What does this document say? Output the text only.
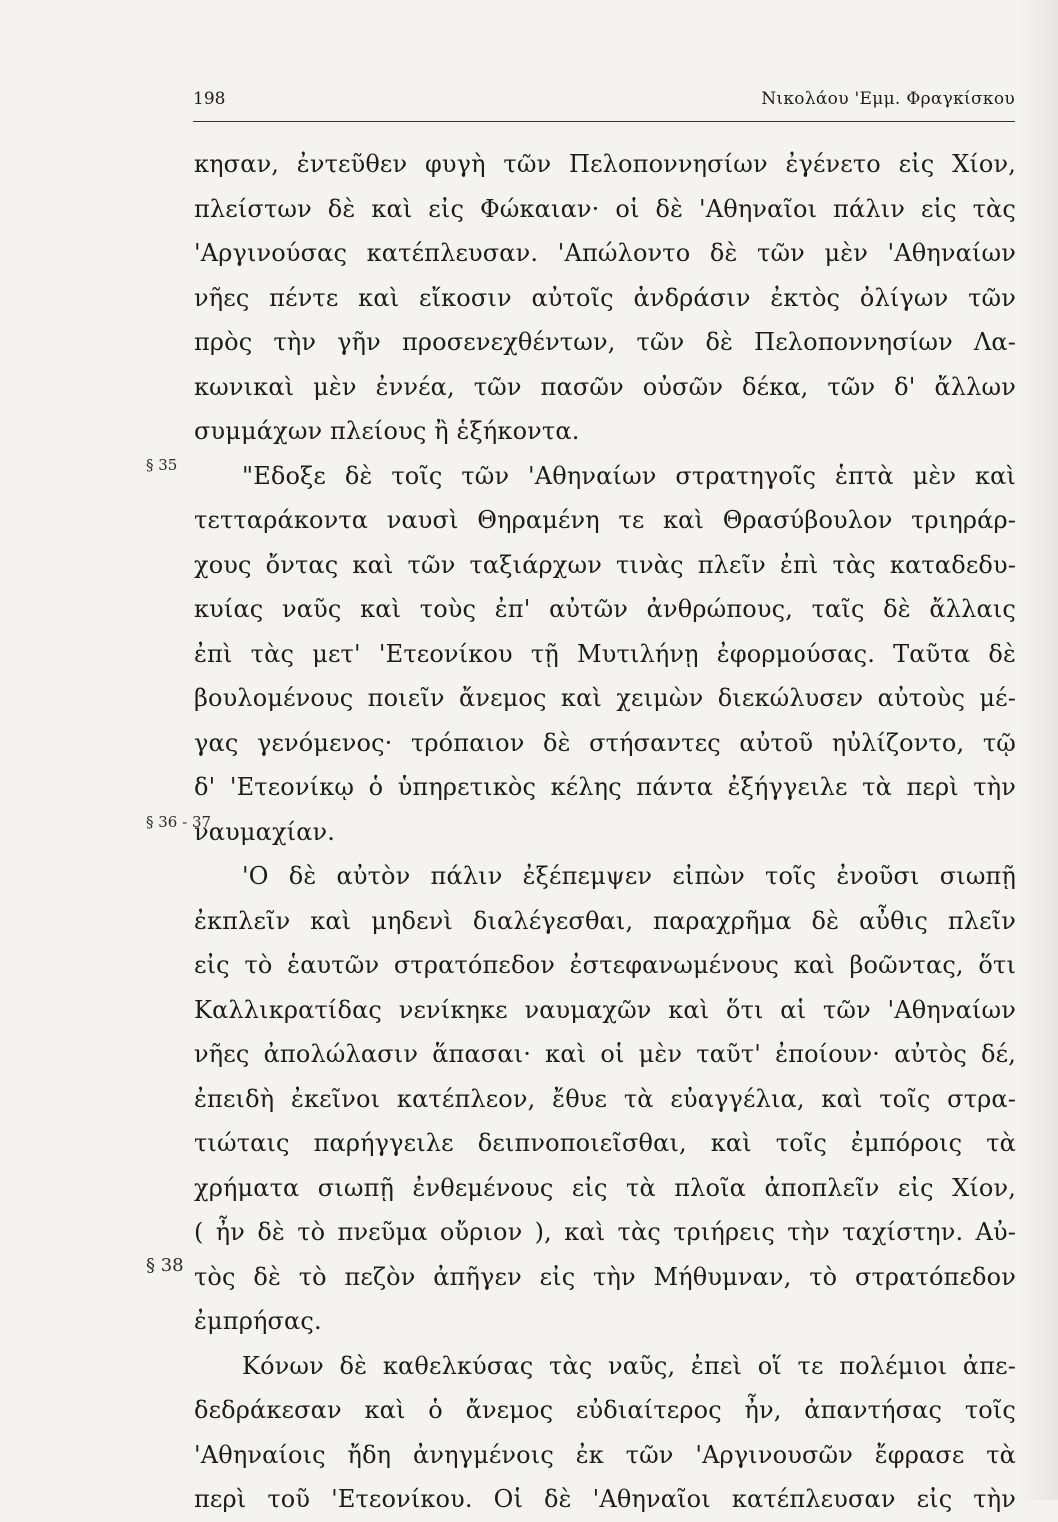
198	Νικολάου 'Εμμ. Φραγκίσκου
§ 35
§ 36 - 37
§ 38
κησαν, ἐντεῦθεν φυγὴ τῶν Πελοποννησίων ἐγένετο εἰς Χίον,
πλείστων δὲ καὶ εἰς Φώκαιαν· οἱ δὲ 'Αθηναῖοι πάλιν εἰς τὰς
'Αργινούσας κατέπλευσαν. 'Απώλοντο δὲ τῶν μὲν 'Αθηναίων
νῆες πέντε καὶ εἴκοσιν αὐτοῖς ἀνδράσιν ἐκτὸς ὀλίγων τῶν
πρὸς τὴν γῆν προσενεχθέντων, τῶν δὲ Πελοποννησίων Λα-
κωνικαὶ μὲν ἐννέα, τῶν πασῶν οὐσῶν δέκα, τῶν δ' ἄλλων
συμμάχων πλείους ἢ ἑξήκοντα.
"Εδοξε δὲ τοῖς τῶν 'Αθηναίων στρατηγοῖς ἑπτὰ μὲν καὶ
τετταράκοντα ναυσὶ Θηραμένη τε καὶ Θρασύβουλον τριηράρ-
χους ὄντας καὶ τῶν ταξιάρχων τινὰς πλεῖν ἐπὶ τὰς καταδεδυ-
κυίας ναῦς καὶ τοὺς ἐπ' αὐτῶν ἀνθρώπους, ταῖς δὲ ἄλλαις
ἐπὶ τὰς μετ' 'Ετεονίκου τῇ Μυτιλήνῃ ἐφορμούσας. Ταῦτα δὲ
βουλομένους ποιεῖν ἄνεμος καὶ χειμὼν διεκώλυσεν αὐτοὺς μέ-
γας γενόμενος· τρόπαιον δὲ στήσαντες αὐτοῦ ηὐλίζοντο, τῷ
δ' 'Ετεονίκῳ ὁ ὑπηρετικὸς κέλης πάντα ἐξήγγειλε τὰ περὶ τὴν
ναυμαχίαν.
'Ο δὲ αὐτὸν πάλιν ἐξέπεμψεν εἰπὼν τοῖς ἐνοῦσι σιωπῇ
ἐκπλεῖν καὶ μηδενὶ διαλέγεσθαι, παραχρῆμα δὲ αὖθις πλεῖν
εἰς τὸ ἑαυτῶν στρατόπεδον ἐστεφανωμένους καὶ βοῶντας, ὅτι
Καλλικρατίδας νενίκηκε ναυμαχῶν καὶ ὅτι αἱ τῶν 'Αθηναίων
νῆες ἀπολώλασιν ἅπασαι· καὶ οἱ μὲν ταῦτ' ἐποίουν· αὐτὸς δέ,
ἐπειδὴ ἐκεῖνοι κατέπλεον, ἔθυε τὰ εὐαγγέλια, καὶ τοῖς στρα-
τιώταις παρήγγειλε δειπνοποιεῖσθαι, καὶ τοῖς ἐμπόροις τὰ
χρήματα σιωπῇ ἐνθεμένους εἰς τὰ πλοῖα ἀποπλεῖν εἰς Χίον,
( ἦν δὲ τὸ πνεῦμα οὔριον ), καὶ τὰς τριήρεις τὴν ταχίστην. Αὐ-
τὸς δὲ τὸ πεζὸν ἀπῆγεν εἰς τὴν Μήθυμναν, τὸ στρατόπεδον
ἐμπρήσας.
Κόνων δὲ καθελκύσας τὰς ναῦς, ἐπεὶ οἵ τε πολέμιοι ἀπε-
δεδράκεσαν καὶ ὁ ἄνεμος εὐδιαίτερος ἦν, ἀπαντήσας τοῖς
'Αθηναίοις ἤδη ἀνηγμένοις ἐκ τῶν 'Αργινουσῶν ἔφρασε τὰ
περὶ τοῦ 'Ετεονίκου. Οἱ δὲ 'Αθηναῖοι κατέπλευσαν εἰς τὴν
